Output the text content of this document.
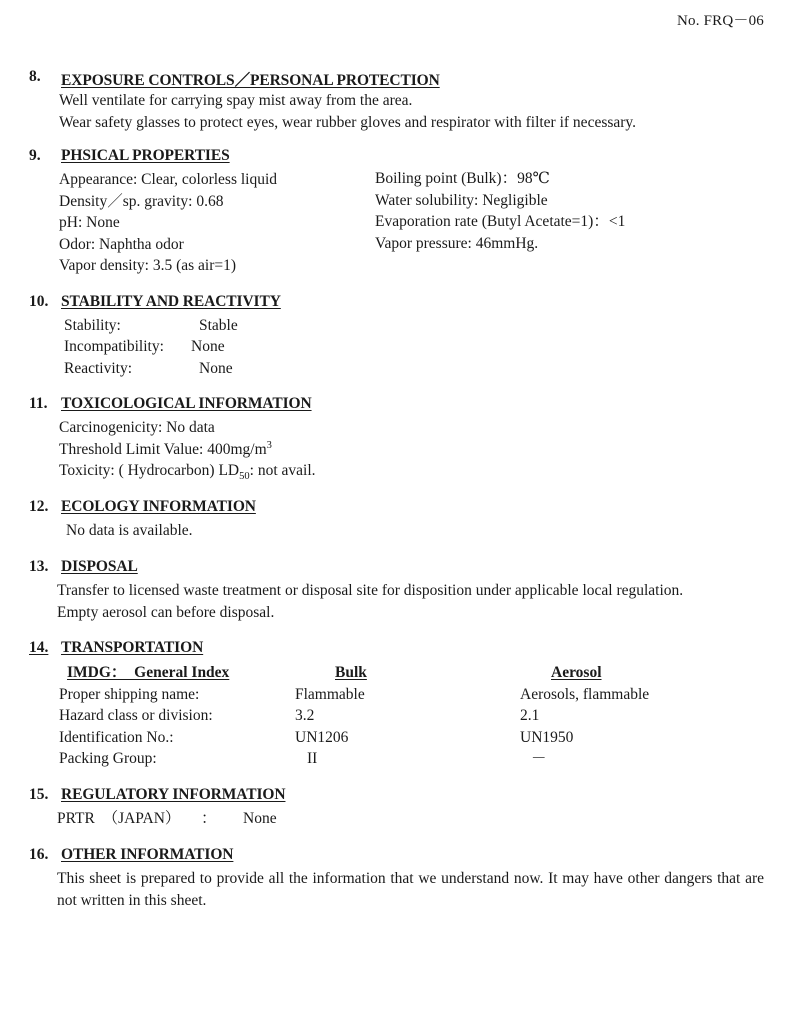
No. FRQ－06
8. EXPOSURE CONTROLS／PERSONAL PROTECTION
Well ventilate for carrying spay mist away from the area.
Wear safety glasses to protect eyes, wear rubber gloves and respirator with filter if necessary.
9. PHSICAL PROPERTIES
Appearance: Clear, colorless liquid
Density／sp. gravity: 0.68
pH: None
Odor: Naphtha odor
Vapor density: 3.5 (as air=1)
Boiling point (Bulk)：98℃
Water solubility: Negligible
Evaporation rate (Butyl Acetate=1)：<1
Vapor pressure: 46mmHg.
10. STABILITY AND REACTIVITY
Stability:	Stable
Incompatibility: None
Reactivity:	None
11. TOXICOLOGICAL INFORMATION
Carcinogenicity: No data
Threshold Limit Value: $400mg/m^3$
Toxicity: ( Hydrocarbon) $LD_{50}$: not avail.
12. ECOLOGY INFORMATION
No data is available.
13. DISPOSAL
Transfer to licensed waste treatment or disposal site for disposition under applicable local regulation.
Empty aerosol can before disposal.
14. TRANSPORTATION
IMDG：　General Index	Bulk	Aerosol
Proper shipping name:	Flammable	Aerosols, flammable
Hazard class or division:	3.2	2.1
Identification No.:	UN1206	UN1950
Packing Group:	II	－
15. REGULATORY INFORMATION
PRTR　（JAPAN） ： None
16. OTHER INFORMATION
This sheet is prepared to provide all the information that we understand now. It may have other dangers that are not written in this sheet.
